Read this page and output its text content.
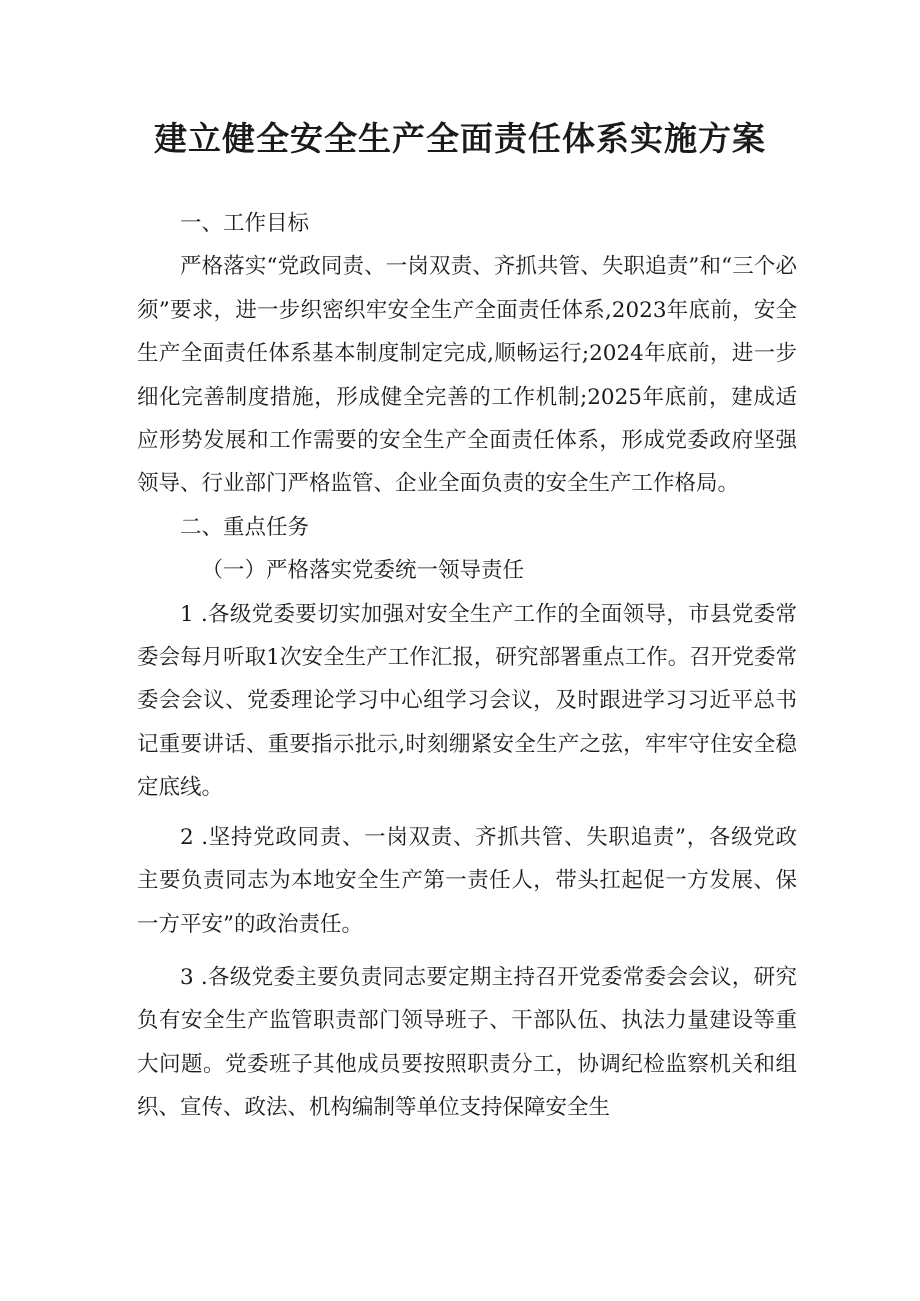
建立健全安全生产全面责任体系实施方案

一、工作目标

严格落实“党政同责、一岗双责、齐抓共管、失职追责”和“三个必须”要求，进一步织密织牢安全生产全面责任体系,2023年底前，安全生产全面责任体系基本制度制定完成,顺畅运行;2024年底前，进一步细化完善制度措施，形成健全完善的工作机制;2025年底前，建成适应形势发展和工作需要的安全生产全面责任体系，形成党委政府坚强领导、行业部门严格监管、企业全面负责的安全生产工作格局。

二、重点任务

（一）严格落实党委统一领导责任

1 .各级党委要切实加强对安全生产工作的全面领导，市县党委常委会每月听取1次安全生产工作汇报，研究部署重点工作。召开党委常委会会议、党委理论学习中心组学习会议，及时跟进学习习近平总书记重要讲话、重要指示批示,时刻绷紧安全生产之弦，牢牢守住安全稳定底线。

2 .坚持党政同责、一岗双责、齐抓共管、失职追责”，各级党政主要负责同志为本地安全生产第一责任人，带头扛起促一方发展、保一方平安”的政治责任。

3 .各级党委主要负责同志要定期主持召开党委常委会会议，研究负有安全生产监管职责部门领导班子、干部队伍、执法力量建设等重大问题。党委班子其他成员要按照职责分工，协调纪检监察机关和组织、宣传、政法、机构编制等单位支持保障安全生
